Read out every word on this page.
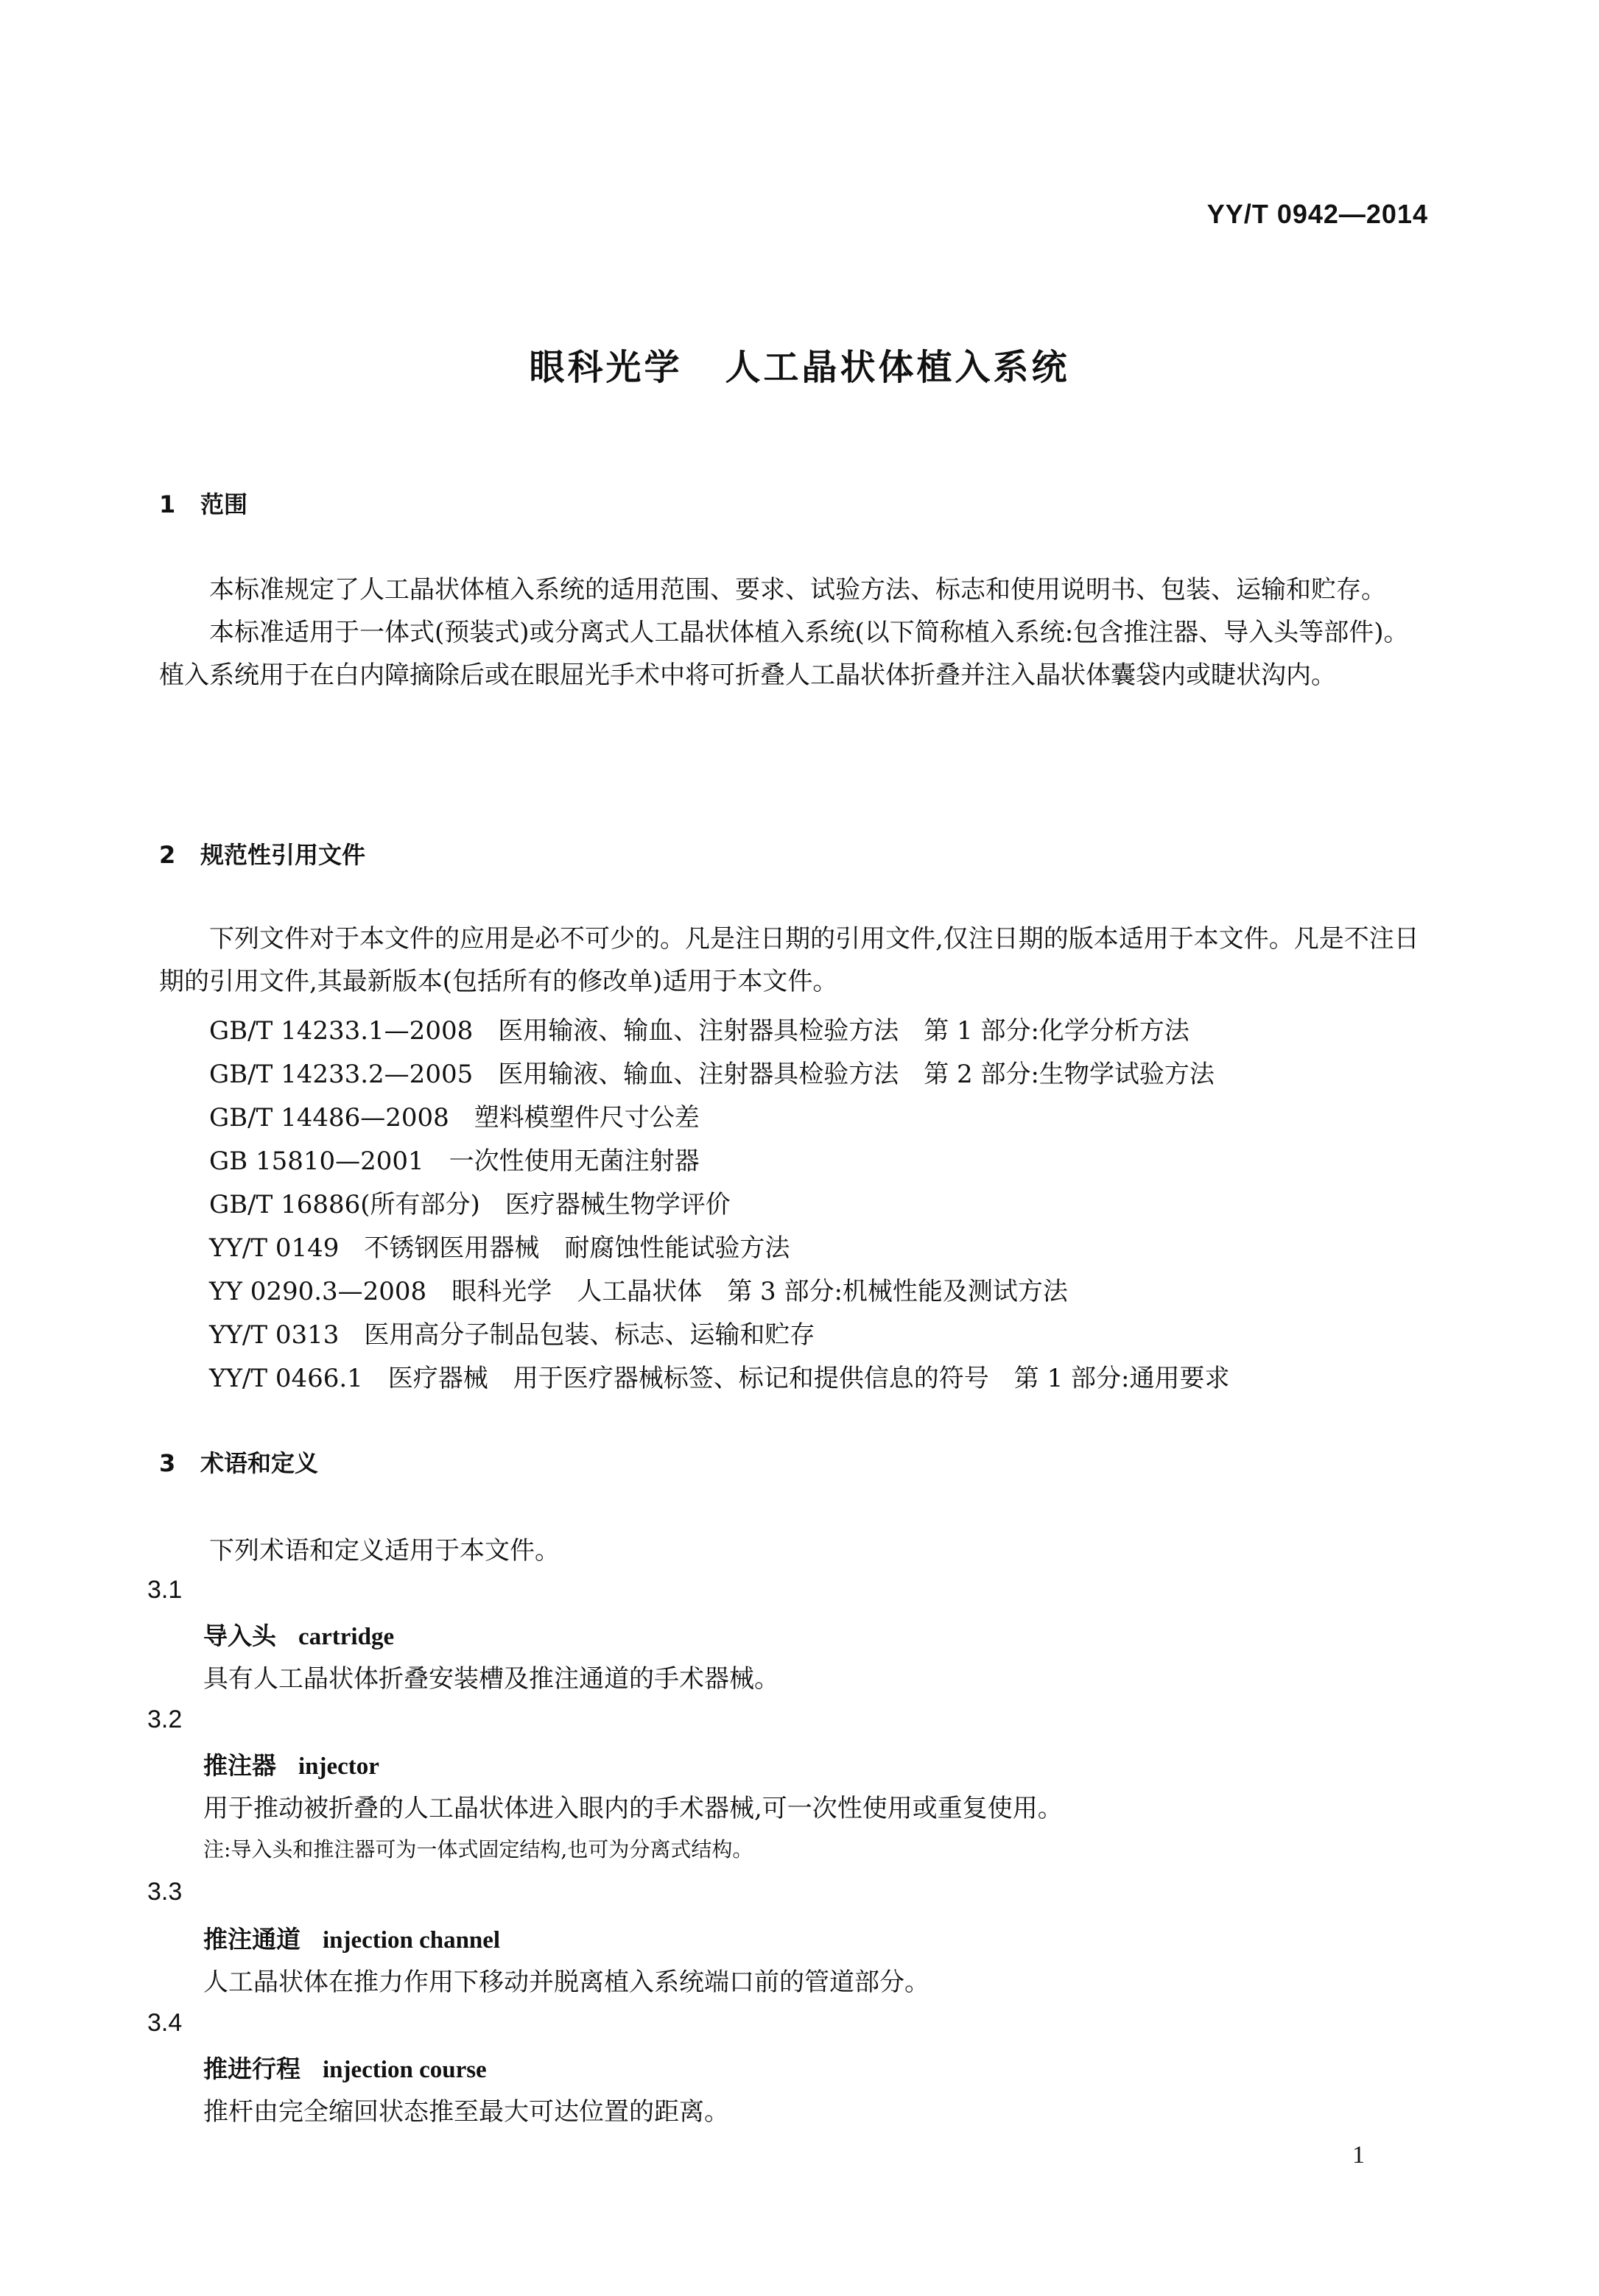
YY/T 0942—2014
眼科光学 人工晶状体植入系统
1 范围

本标准规定了人工晶状体植入系统的适用范围、要求、试验方法、标志和使用说明书、包装、运输和贮存。

本标准适用于一体式(预装式)或分离式人工晶状体植入系统(以下简称植入系统:包含推注器、导入头等部件)。植入系统用于在白内障摘除后或在眼屈光手术中将可折叠人工晶状体折叠并注入晶状体囊袋内或睫状沟内。

2 规范性引用文件

下列文件对于本文件的应用是必不可少的。凡是注日期的引用文件,仅注日期的版本适用于本文件。凡是不注日期的引用文件,其最新版本(包括所有的修改单)适用于本文件。

GB/T 14233.1—2008　医用输液、输血、注射器具检验方法　第 1 部分:化学分析方法
GB/T 14233.2—2005　医用输液、输血、注射器具检验方法　第 2 部分:生物学试验方法
GB/T 14486—2008　塑料模塑件尺寸公差
GB 15810—2001　一次性使用无菌注射器
GB/T 16886(所有部分)　医疗器械生物学评价
YY/T 0149　不锈钢医用器械　耐腐蚀性能试验方法
YY 0290.3—2008　眼科光学　人工晶状体　第 3 部分:机械性能及测试方法
YY/T 0313　医用高分子制品包装、标志、运输和贮存
YY/T 0466.1　医疗器械　用于医疗器械标签、标记和提供信息的符号　第 1 部分:通用要求
3 术语和定义
下列术语和定义适用于本文件。
3.1
导入头 cartridge
具有人工晶状体折叠安装槽及推注通道的手术器械。
3.2
推注器 injector
用于推动被折叠的人工晶状体进入眼内的手术器械,可一次性使用或重复使用。
注:导入头和推注器可为一体式固定结构,也可为分离式结构。
3.3
推注通道 injection channel
人工晶状体在推力作用下移动并脱离植入系统端口前的管道部分。
3.4
推进行程 injection course
推杆由完全缩回状态推至最大可达位置的距离。
1
